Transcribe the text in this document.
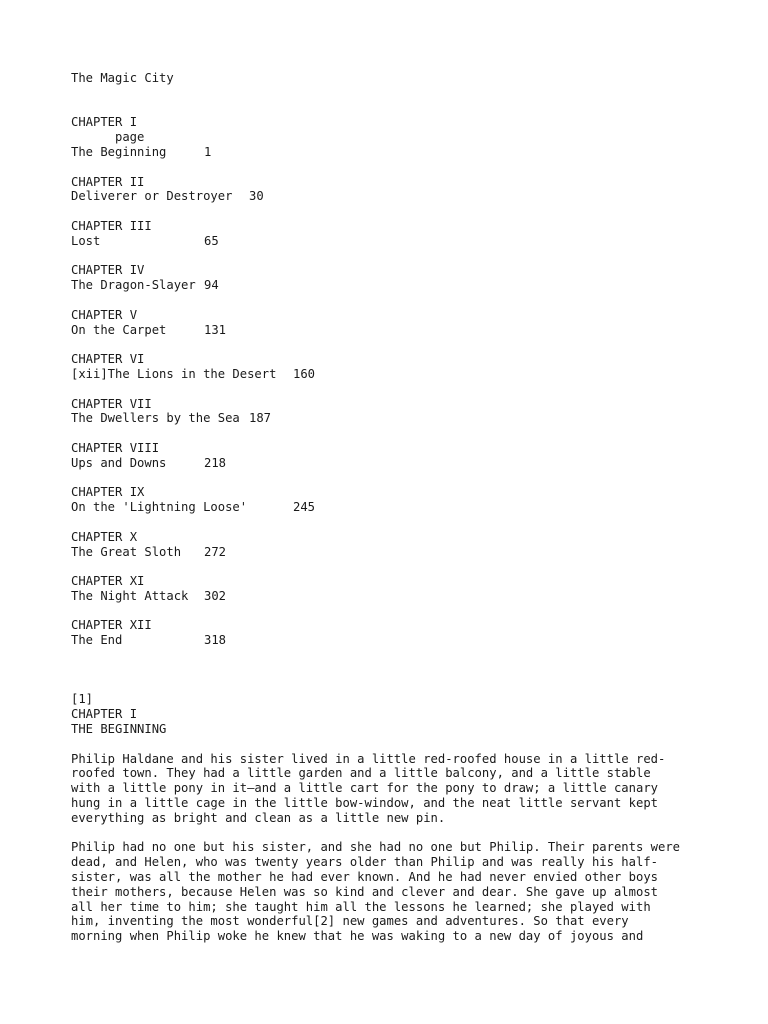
The Magic City
CHAPTER I
page
The Beginning	1
CHAPTER II
Deliverer or Destroyer 30
CHAPTER III
Lost	65
CHAPTER IV
The Dragon-Slayer 94
CHAPTER V
On the Carpet	131
CHAPTER VI
[xii]The Lions in the Desert 160
CHAPTER VII
The Dwellers by the Sea 187
CHAPTER VIII
Ups and Downs	218
CHAPTER IX
On the 'Lightning Loose'	245
CHAPTER X
The Great Sloth 272
CHAPTER XI
The Night Attack 302
CHAPTER XII
The End	318
[1]
CHAPTER I
THE BEGINNING
Philip Haldane and his sister lived in a little red-roofed house in a little red-
roofed town. They had a little garden and a little balcony, and a little stable
with a little pony in it—and a little cart for the pony to draw; a little canary
hung in a little cage in the little bow-window, and the neat little servant kept
everything as bright and clean as a little new pin.
Philip had no one but his sister, and she had no one but Philip. Their parents were
dead, and Helen, who was twenty years older than Philip and was really his half-
sister, was all the mother he had ever known. And he had never envied other boys
their mothers, because Helen was so kind and clever and dear. She gave up almost
all her time to him; she taught him all the lessons he learned; she played with
him, inventing the most wonderful[2] new games and adventures. So that every
morning when Philip woke he knew that he was waking to a new day of joyous and
